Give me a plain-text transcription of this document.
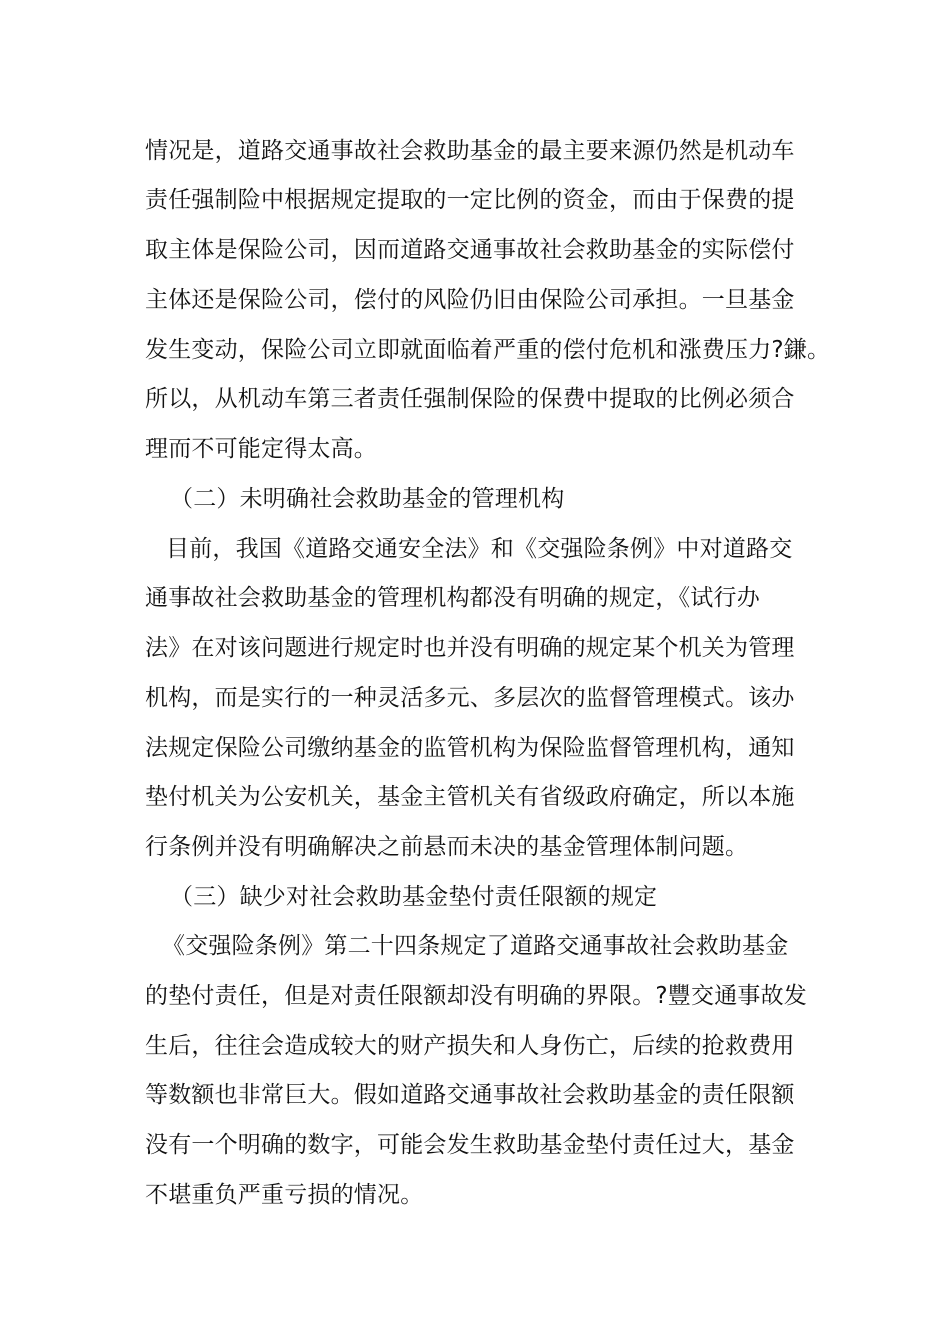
情况是，道路交通事故社会救助基金的最主要来源仍然是机动车
责任强制险中根据规定提取的一定比例的资金，而由于保费的提
取主体是保险公司，因而道路交通事故社会救助基金的实际偿付
主体还是保险公司，偿付的风险仍旧由保险公司承担。一旦基金
发生变动，保险公司立即就面临着严重的偿付危机和涨费压力?鎌。
所以，从机动车第三者责任强制保险的保费中提取的比例必须合
理而不可能定得太高。
（二）未明确社会救助基金的管理机构
目前，我国《道路交通安全法》和《交强险条例》中对道路交
通事故社会救助基金的管理机构都没有明确的规定，《试行办
法》在对该问题进行规定时也并没有明确的规定某个机关为管理
机构，而是实行的一种灵活多元、多层次的监督管理模式。该办
法规定保险公司缴纳基金的监管机构为保险监督管理机构，通知
垫付机关为公安机关，基金主管机关有省级政府确定，所以本施
行条例并没有明确解决之前悬而未决的基金管理体制问题。
（三）缺少对社会救助基金垫付责任限额的规定
《交强险条例》第二十四条规定了道路交通事故社会救助基金
的垫付责任，但是对责任限额却没有明确的界限。?豐交通事故发
生后，往往会造成较大的财产损失和人身伤亡，后续的抢救费用
等数额也非常巨大。假如道路交通事故社会救助基金的责任限额
没有一个明确的数字，可能会发生救助基金垫付责任过大，基金
不堪重负严重亏损的情况。
